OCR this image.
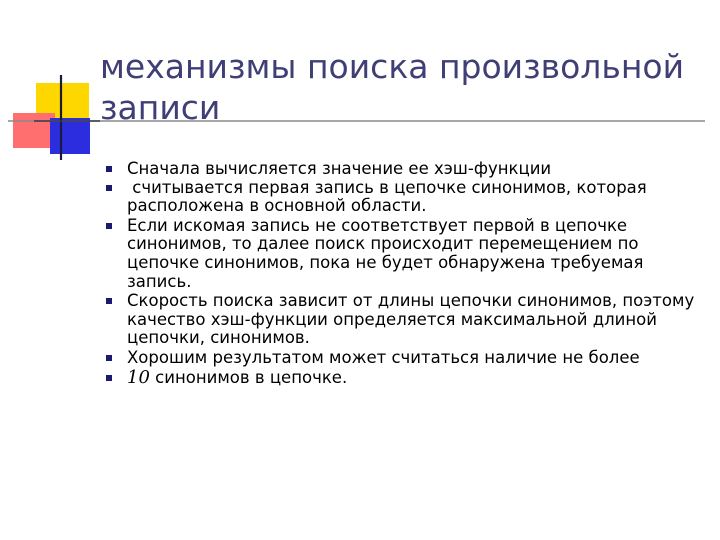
механизмы поиска произвольной записи
Сначала вычисляется значение ее хэш-функции
считывается первая запись в цепочке синонимов, которая расположена в основной области.
Если искомая запись не соответствует первой в цепочке синонимов, то далее поиск происходит перемещением по цепочке синонимов, пока не будет обнаружена требуемая запись.
Скорость поиска зависит от длины цепочки синонимов, поэтому качество хэш-функции определяется максимальной длиной цепочки, синонимов.
Хорошим результатом может считаться наличие не более
10 синонимов в цепочке.
